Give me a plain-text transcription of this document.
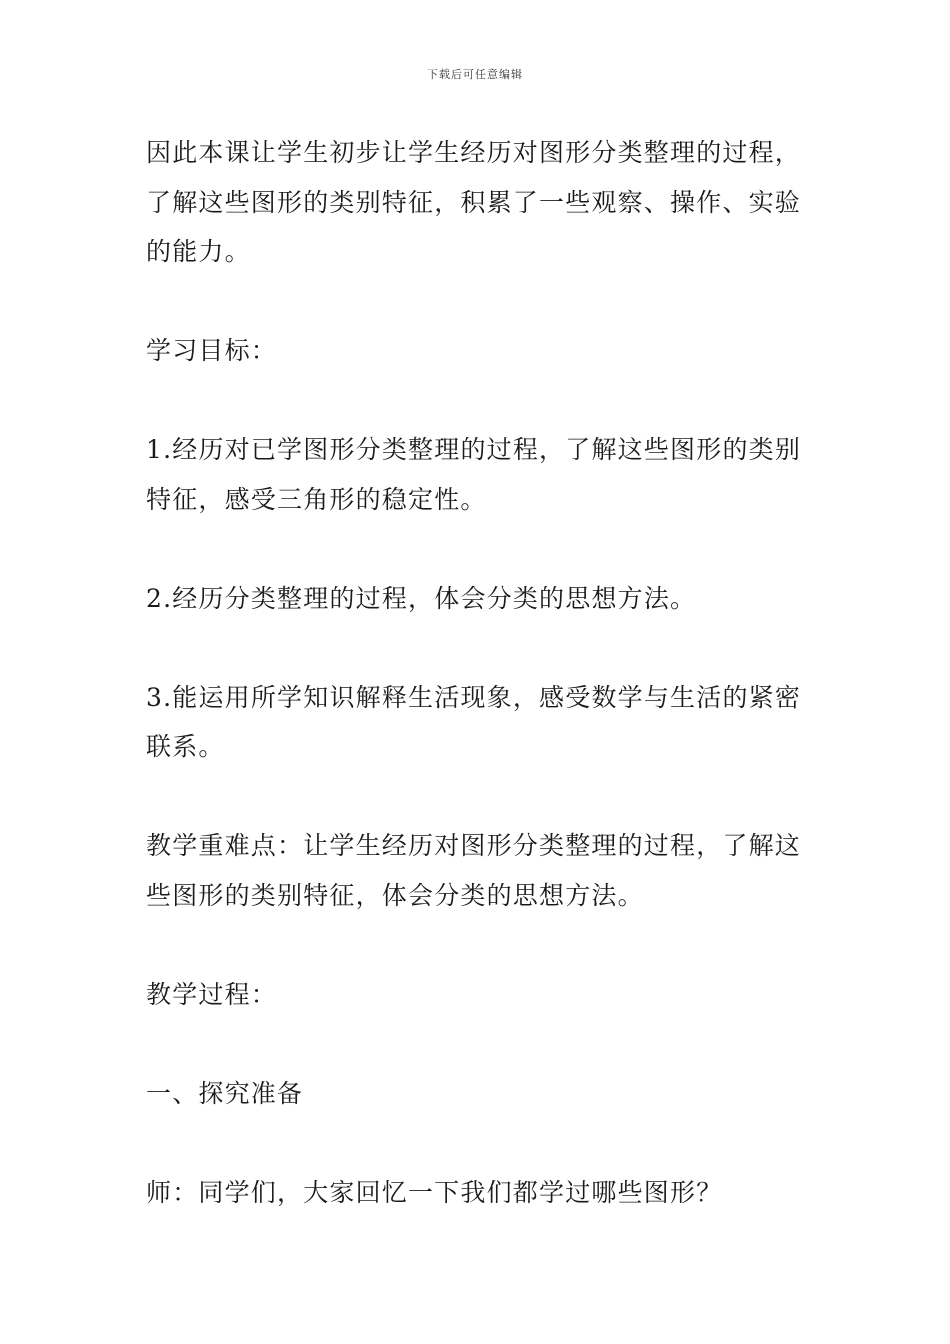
下载后可任意编辑

因此本课让学生初步让学生经历对图形分类整理的过程，了解这些图形的类别特征，积累了一些观察、操作、实验的能力。

学习目标：

1.经历对已学图形分类整理的过程，了解这些图形的类别特征，感受三角形的稳定性。

2.经历分类整理的过程，体会分类的思想方法。

3.能运用所学知识解释生活现象，感受数学与生活的紧密联系。

教学重难点：让学生经历对图形分类整理的过程，了解这些图形的类别特征，体会分类的思想方法。

教学过程：

一、探究准备

师：同学们，大家回忆一下我们都学过哪些图形？
